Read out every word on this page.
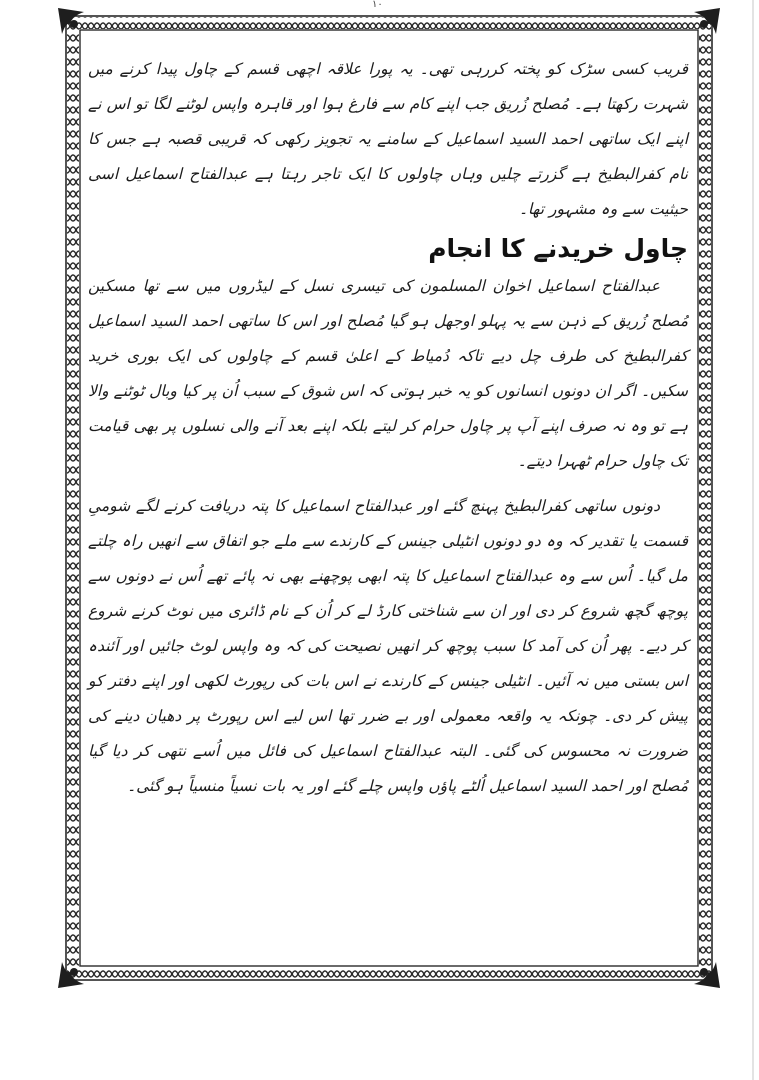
۱۰

قریب کسی سڑک کو پختہ کررہی تھی۔ یہ پورا علاقہ اچھی قسم کے چاول پیدا کرنے میں شہرت رکھتا ہے۔ مُصلح زُریق جب اپنے کام سے فارغ ہوا اور قاہرہ واپس لوٹنے لگا تو اس نے اپنے ایک ساتھی احمد السید اسماعیل کے سامنے یہ تجویز رکھی کہ قریبی قصبہ ہے جس کا نام کفرالبطیخ ہے گزرتے چلیں وہاں چاولوں کا ایک تاجر رہتا ہے عبدالفتاح اسماعیل اسی حیثیت سے وہ مشہور تھا۔

چاول خریدنے کا انجام

عبدالفتاح اسماعیل اخوان المسلمون کی تیسری نسل کے لیڈروں میں سے تھا مسکین مُصلح زُریق کے ذہن سے یہ پہلو اوجھل ہو گیا مُصلح اور اس کا ساتھی احمد السید اسماعیل کفرالبطیخ کی طرف چل دیے تاکہ دُمیاط کے اعلیٰ قسم کے چاولوں کی ایک بوری خرید سکیں۔ اگر ان دونوں انسانوں کو یہ خبر ہوتی کہ اس شوق کے سبب اُن پر کیا وبال ٹوٹنے والا ہے تو وہ نہ صرف اپنے آپ پر چاول حرام کر لیتے بلکہ اپنے بعد آنے والی نسلوں پر بھی قیامت تک چاول حرام ٹھہرا دیتے۔

دونوں ساتھی کفرالبطیخ پہنچ گئے اور عبدالفتاح اسماعیل کا پتہ دریافت کرنے لگے شومیِ قسمت یا تقدیر کہ وہ دو دونوں انٹیلی جینس کے کارندے سے ملے جو اتفاق سے انھیں راہ چلتے مل گیا۔ اُس سے وہ عبدالفتاح اسماعیل کا پتہ ابھی پوچھنے بھی نہ پائے تھے اُس نے دونوں سے پوچھ گچھ شروع کر دی اور ان سے شناختی کارڈ لے کر اُن کے نام ڈائری میں نوٹ کرنے شروع کر دیے۔ پھر اُن کی آمد کا سبب پوچھ کر انھیں نصیحت کی کہ وہ واپس لوٹ جائیں اور آئندہ اس بستی میں نہ آئیں۔ انٹیلی جینس کے کارندے نے اس بات کی رپورٹ لکھی اور اپنے دفتر کو پیش کر دی۔ چونکہ یہ واقعہ معمولی اور بے ضرر تھا اس لیے اس رپورٹ پر دھیان دینے کی ضرورت نہ محسوس کی گئی۔ البتہ عبدالفتاح اسماعیل کی فائل میں اُسے نتھی کر دیا گیا مُصلح اور احمد السید اسماعیل اُلٹے پاؤں واپس چلے گئے اور یہ بات نسیاً منسیاً ہو گئی۔
